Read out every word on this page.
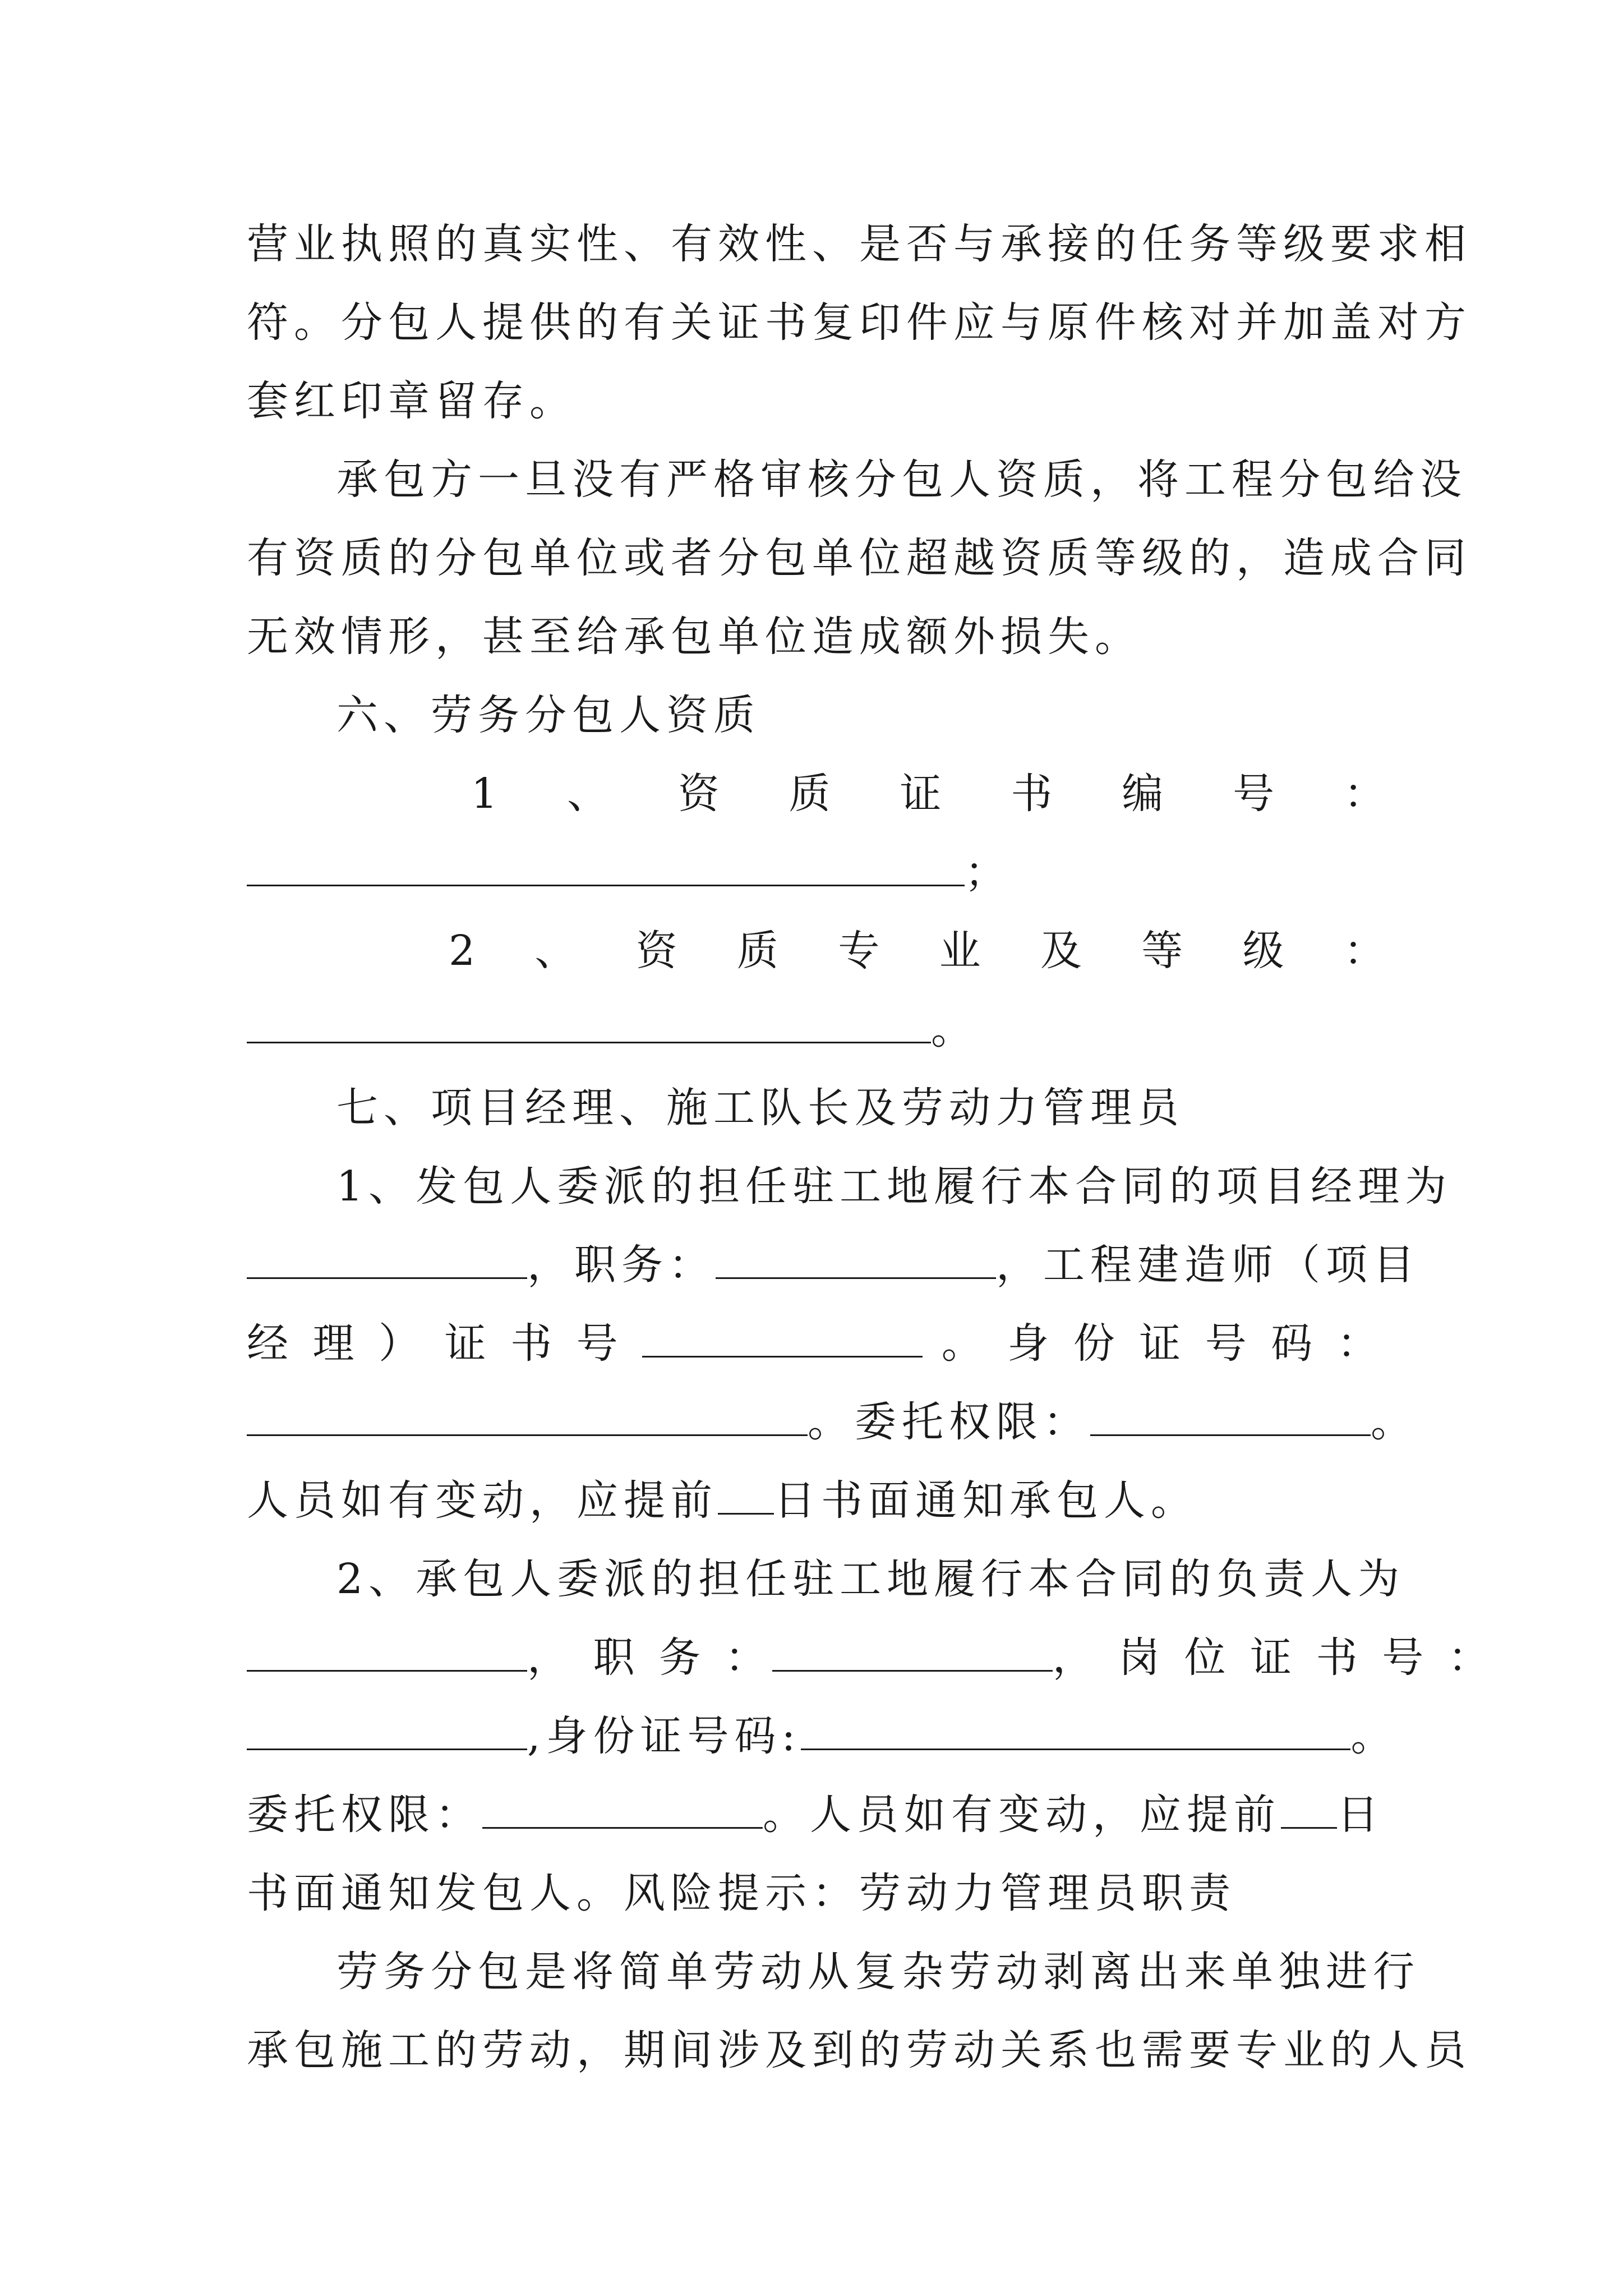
营业执照的真实性、有效性、是否与承接的任务等级要求相
符。分包人提供的有关证书复印件应与原件核对并加盖对方
套红印章留存。
承包方一旦没有严格审核分包人资质，将工程分包给没
有资质的分包单位或者分包单位超越资质等级的，造成合同
无效情形，甚至给承包单位造成额外损失。
六、劳务分包人资质
1 、 资 质 证 书 编 号 ：
；
2 、 资 质 专 业 及 等 级 ：
。
七、项目经理、施工队长及劳动力管理员
1、发包人委派的担任驻工地履行本合同的项目经理为
，职务：	，工程建造师（项目
经 理 ） 证 书 号	。 身 份 证 号 码 ：
。委托权限：	。
人员如有变动，应提前 日书面通知承包人。
2、承包人委派的担任驻工地履行本合同的负责人为
， 职 务 ：	， 岗 位 证 书 号 ：
,身份证号码:	。
委托权限：	。人员如有变动，应提前 日
书面通知发包人。风险提示：劳动力管理员职责
劳务分包是将简单劳动从复杂劳动剥离出来单独进行
承包施工的劳动，期间涉及到的劳动关系也需要专业的人员
